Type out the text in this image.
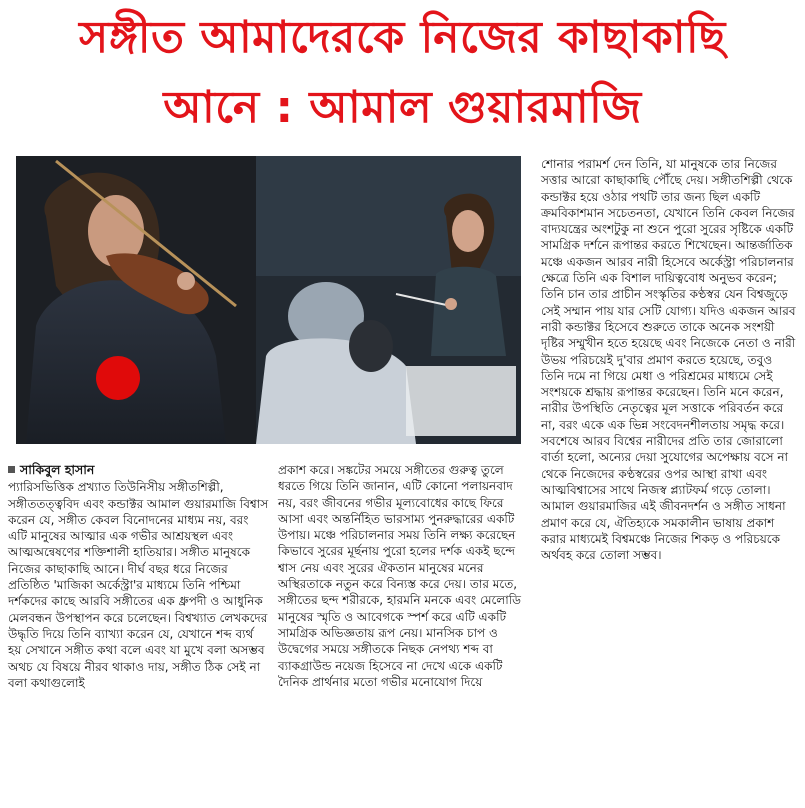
সঙ্গীত আমাদেরকে নিজের কাছাকাছি
আনে : আমাল গুয়ারমাজি
সাকিবুল হাসান

প্যারিসভিত্তিক প্রখ্যাত তিউনিসীয় সঙ্গীতশিল্পী, সঙ্গীততত্ত্ববিদ এবং কন্ডাক্টর আমাল গুয়ারমাজি বিশ্বাস করেন যে, সঙ্গীত কেবল বিনোদনের মাধ্যম নয়, বরং এটি মানুষের আত্মার এক গভীর আশ্রয়স্থল এবং আত্মঅন্বেষণের শক্তিশালী হাতিয়ার। সঙ্গীত মানুষকে নিজের কাছাকাছি আনে। দীর্ঘ বছর ধরে নিজের প্রতিষ্ঠিত 'মাজিকা অর্কেস্ট্রা'র মাধ্যমে তিনি পশ্চিমা দর্শকদের কাছে আরবি সঙ্গীতের এক ধ্রুপদী ও আধুনিক মেলবন্ধন উপস্থাপন করে চলেছেন। বিশ্বখ্যাত লেখকদের উদ্ধৃতি দিয়ে তিনি ব্যাখ্যা করেন যে, যেখানে শব্দ ব্যর্থ হয় সেখানে সঙ্গীত কথা বলে এবং যা মুখে বলা অসম্ভব অথচ যে বিষয়ে নীরব থাকাও দায়, সঙ্গীত ঠিক সেই না বলা কথাগুলোই

প্রকাশ করে। সঙ্কটের সময়ে সঙ্গীতের গুরুত্ব তুলে ধরতে গিয়ে তিনি জানান, এটি কোনো পলায়নবাদ নয়, বরং জীবনের গভীর মূল্যবোধের কাছে ফিরে আসা এবং অন্তর্নিহিত ভারসাম্য পুনরুদ্ধারের একটি উপায়। মঞ্চে পরিচালনার সময় তিনি লক্ষ্য করেছেন কিভাবে সুরের মূর্ছনায় পুরো হলের দর্শক একই ছন্দে শ্বাস নেয় এবং সুরের ঐকতান মানুষের মনের অস্থিরতাকে নতুন করে বিন্যস্ত করে দেয়। তার মতে, সঙ্গীতের ছন্দ শরীরকে, হারমনি মনকে এবং মেলোডি মানুষের স্মৃতি ও আবেগকে স্পর্শ করে এটি একটি সামগ্রিক অভিজ্ঞতায় রূপ নেয়। মানসিক চাপ ও উদ্বেগের সময়ে সঙ্গীতকে নিছক নেপথ্য শব্দ বা ব্যাকগ্রাউন্ড নয়েজ হিসেবে না দেখে একে একটি দৈনিক প্রার্থনার মতো গভীর মনোযোগ দিয়ে

শোনার পরামর্শ দেন তিনি, যা মানুষকে তার নিজের সত্তার আরো কাছাকাছি পৌঁছে দেয়। সঙ্গীতশিল্পী থেকে কন্ডাক্টর হয়ে ওঠার পথটি তার জন্য ছিল একটি ক্রমবিকাশমান সচেতনতা, যেখানে তিনি কেবল নিজের বাদ্যযন্ত্রের অংশটুকু না শুনে পুরো সুরের সৃষ্টিকে একটি সামগ্রিক দর্শনে রূপান্তর করতে শিখেছেন। আন্তর্জাতিক মঞ্চে একজন আরব নারী হিসেবে অর্কেস্ট্রা পরিচালনার ক্ষেত্রে তিনি এক বিশাল দায়িত্ববোধ অনুভব করেন; তিনি চান তার প্রাচীন সংস্কৃতির কণ্ঠস্বর যেন বিশ্বজুড়ে সেই সম্মান পায় যার সেটি যোগ্য। যদিও একজন আরব নারী কন্ডাক্টর হিসেবে শুরুতে তাকে অনেক সংশয়ী দৃষ্টির সম্মুখীন হতে হয়েছে এবং নিজেকে নেতা ও নারী উভয় পরিচয়েই দু'বার প্রমাণ করতে হয়েছে, তবুও তিনি দমে না গিয়ে মেধা ও পরিশ্রমের মাধ্যমে সেই সংশয়কে শ্রদ্ধায় রূপান্তর করেছেন। তিনি মনে করেন, নারীর উপস্থিতি নেতৃত্বের মূল সত্তাকে পরিবর্তন করে না, বরং একে এক ভিন্ন সংবেদনশীলতায় সমৃদ্ধ করে। সবশেষে আরব বিশ্বের নারীদের প্রতি তার জোরালো বার্তা হলো, অন্যের দেয়া সুযোগের অপেক্ষায় বসে না থেকে নিজেদের কণ্ঠস্বরের ওপর আস্থা রাখা এবং আত্মবিশ্বাসের সাথে নিজস্ব প্ল্যাটফর্ম গড়ে তোলা। আমাল গুয়ারমাজির এই জীবনদর্শন ও সঙ্গীত সাধনা প্রমাণ করে যে, ঐতিহ্যকে সমকালীন ভাষায় প্রকাশ করার মাধ্যমেই বিশ্বমঞ্চে নিজের শিকড় ও পরিচয়কে অর্থবহ করে তোলা সম্ভব।
